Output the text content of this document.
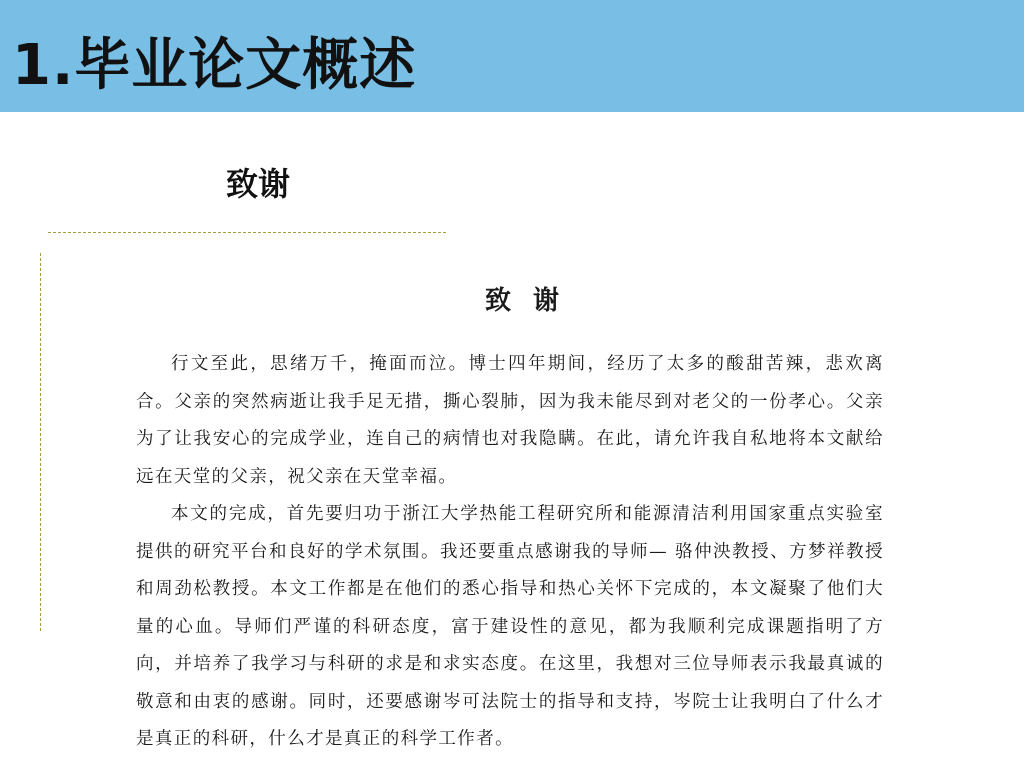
1.毕业论文概述
致谢
致谢

行文至此，思绪万千，掩面而泣。博士四年期间，经历了太多的酸甜苦辣，悲欢离合。父亲的突然病逝让我手足无措，撕心裂肺，因为我未能尽到对老父的一份孝心。父亲为了让我安心的完成学业，连自己的病情也对我隐瞒。在此，请允许我自私地将本文献给远在天堂的父亲，祝父亲在天堂幸福。

本文的完成，首先要归功于浙江大学热能工程研究所和能源清洁利用国家重点实验室提供的研究平台和良好的学术氛围。我还要重点感谢我的导师— 骆仲泱教授、方梦祥教授和周劲松教授。本文工作都是在他们的悉心指导和热心关怀下完成的，本文凝聚了他们大量的心血。导师们严谨的科研态度，富于建设性的意见，都为我顺利完成课题指明了方向，并培养了我学习与科研的求是和求实态度。在这里，我想对三位导师表示我最真诚的敬意和由衷的感谢。同时，还要感谢岑可法院士的指导和支持，岑院士让我明白了什么才是真正的科研，什么才是真正的科学工作者。
